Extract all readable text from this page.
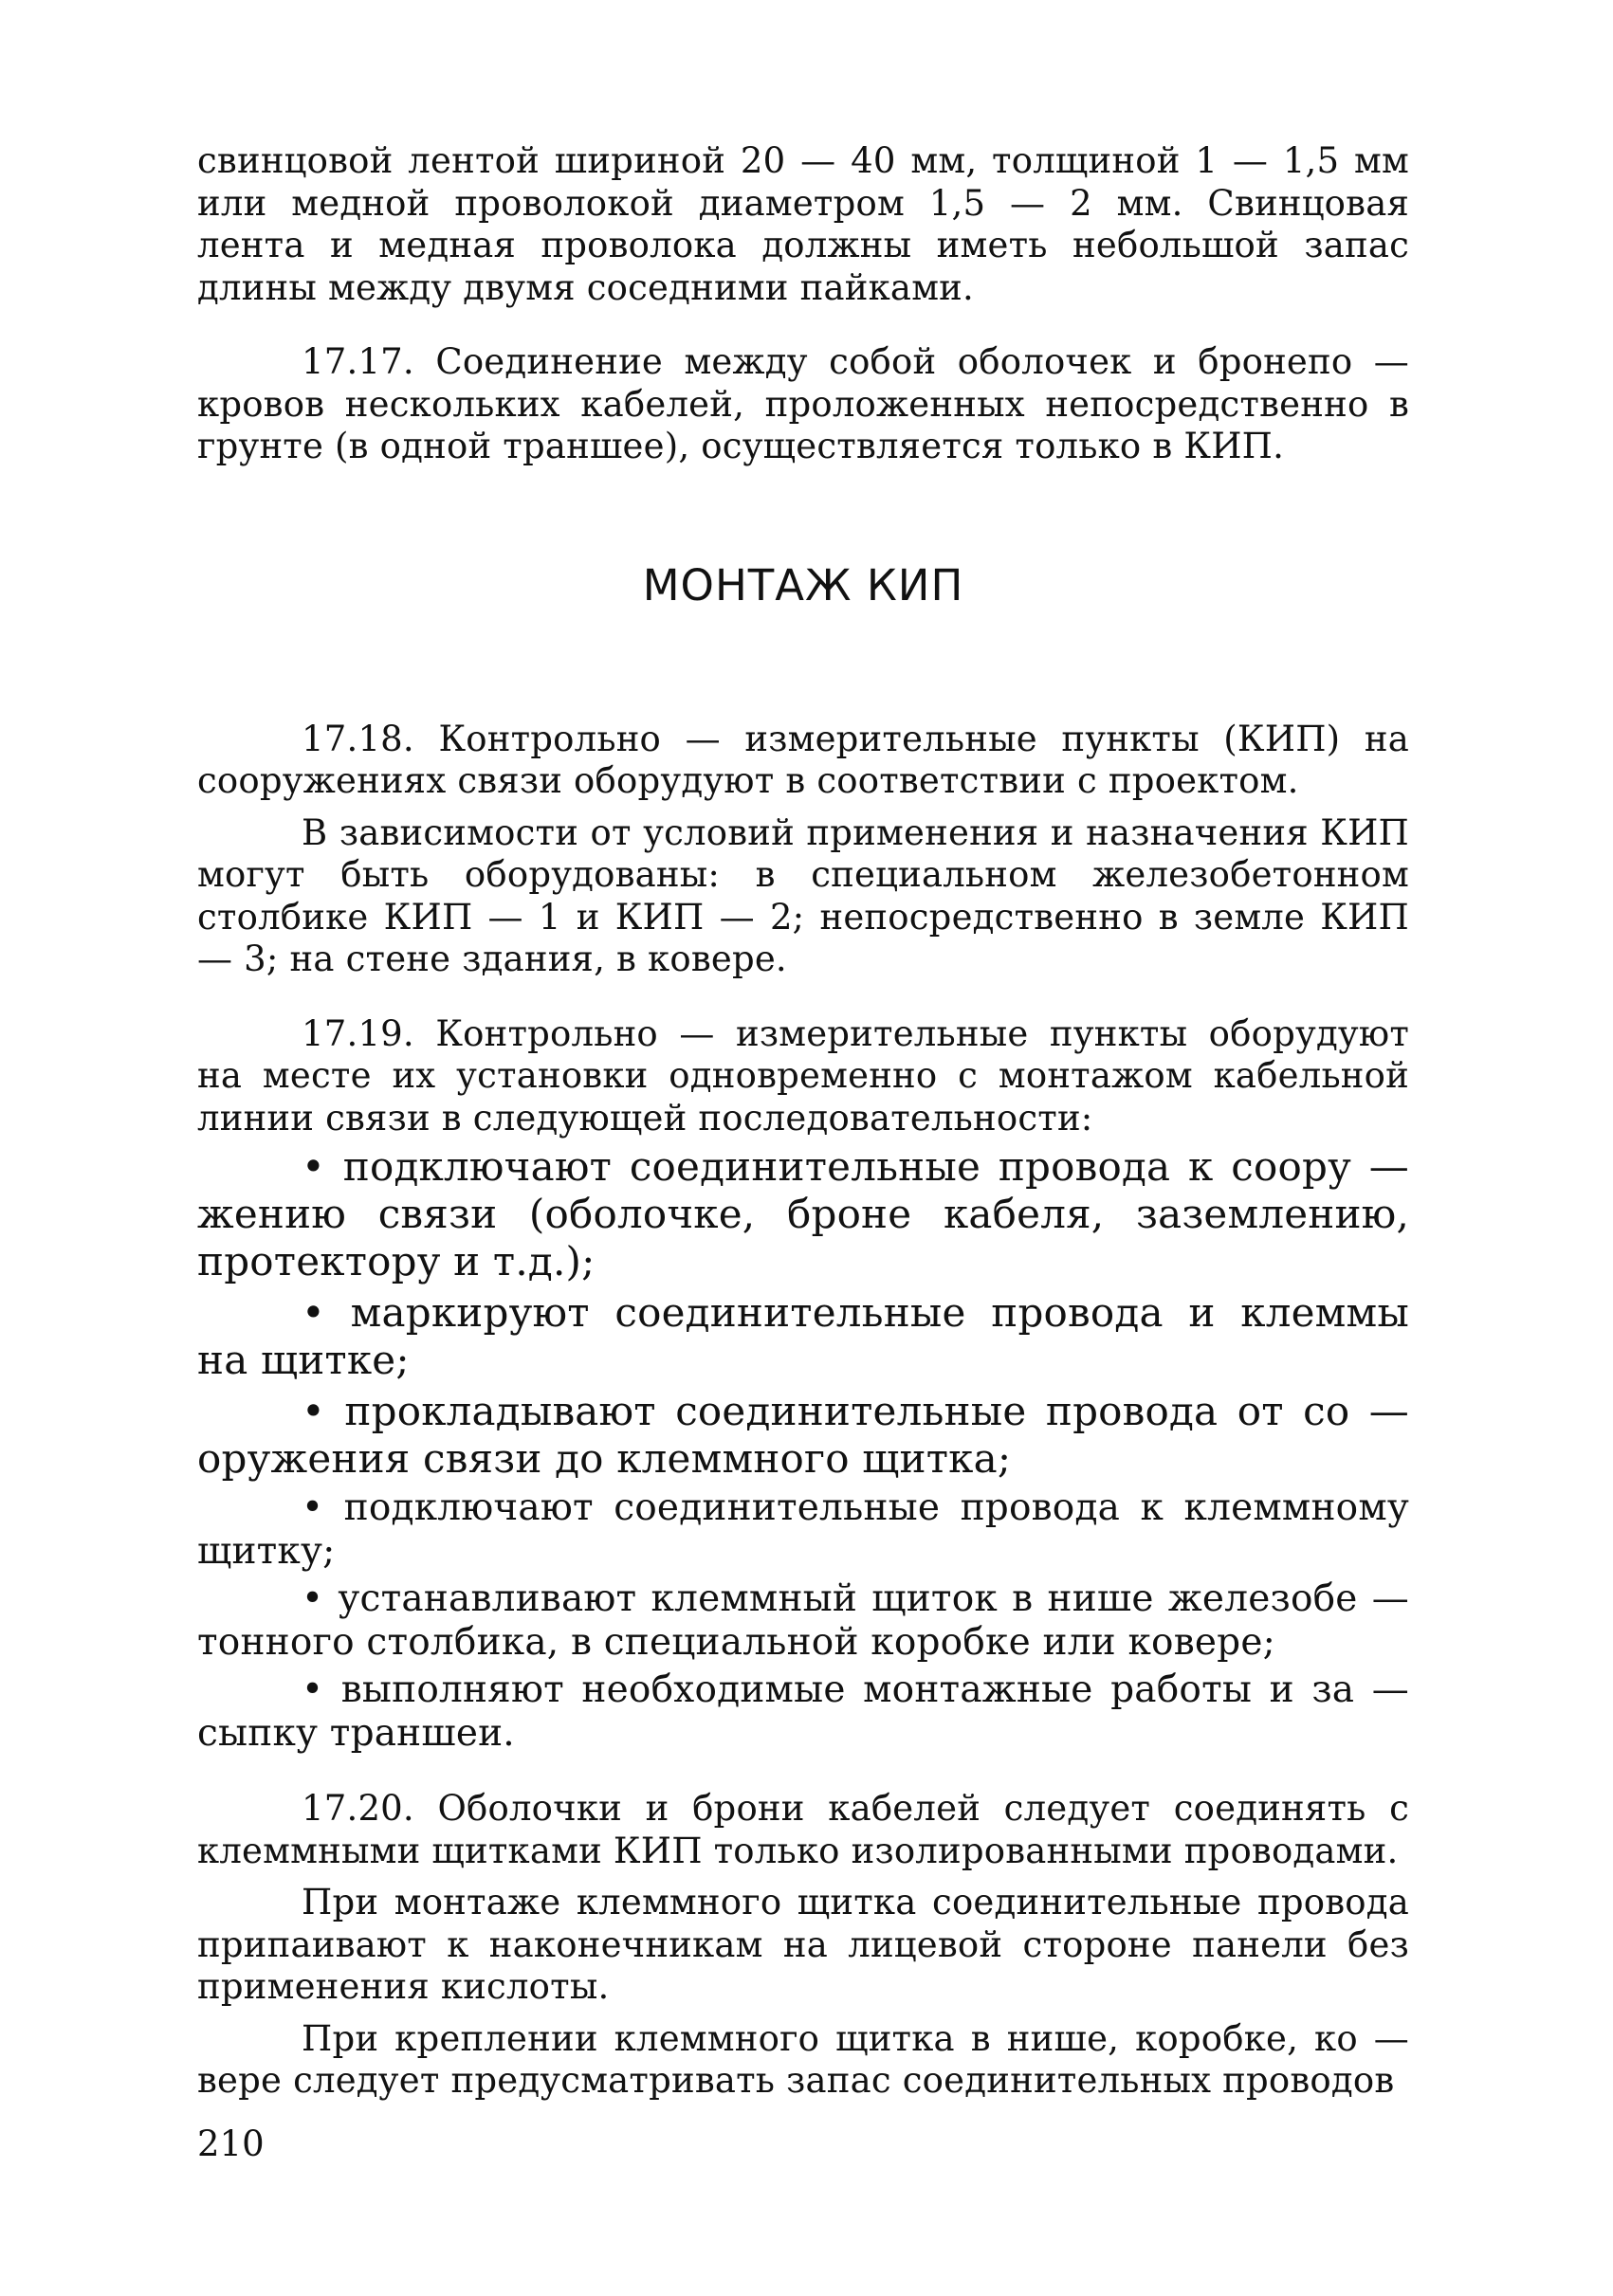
свинцовой лентой шириной 20 — 40 мм, толщиной 1 — 1,5 мм или медной проволокой диаметром 1,5 — 2 мм. Свинцовая лента и медная проволока должны иметь небольшой запас длины между двумя соседними пайками.

17.17. Соединение между собой оболочек и бронепо — кровов нескольких кабелей, проложенных непосредственно в грунте (в одной траншее), осуществляется только в КИП.

МОНТАЖ КИП

17.18. Контрольно — измерительные пункты (КИП) на сооружениях связи оборудуют в соответствии с проектом.

В зависимости от условий применения и назначения КИП могут быть оборудованы: в специальном железобетонном столбике КИП — 1 и КИП — 2; непосредственно в земле КИП — 3; на стене здания, в ковере.

17.19. Контрольно — измерительные пункты оборудуют на месте их установки одновременно с монтажом кабельной линии связи в следующей последовательности:

• подключают соединительные провода к соору — жению связи (оболочке, броне кабеля, заземлению, протектору и т.д.);

• маркируют соединительные провода и клеммы на щитке;

• прокладывают соединительные провода от со — оружения связи до клеммного щитка;

• подключают соединительные провода к клеммному щитку;

• устанавливают клеммный щиток в нише железобе — тонного столбика, в специальной коробке или ковере;

• выполняют необходимые монтажные работы и за — сыпку траншеи.

17.20. Оболочки и брони кабелей следует соединять с клеммными щитками КИП только изолированными проводами.

При монтаже клеммного щитка соединительные провода припаивают к наконечникам на лицевой стороне панели без применения кислоты.

При креплении клеммного щитка в нише, коробке, ко — вере следует предусматривать запас соединительных проводов

210
